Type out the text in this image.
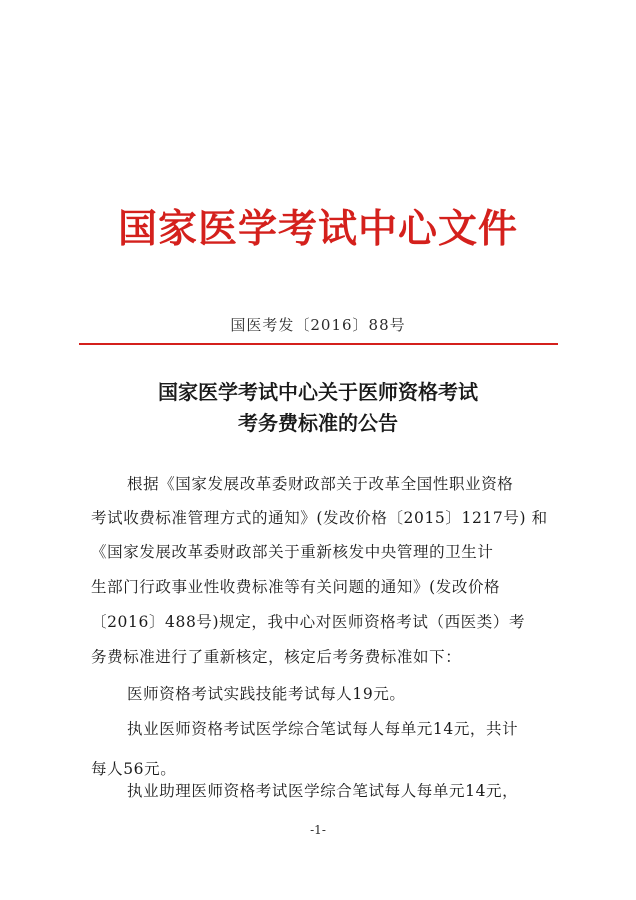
国家医学考试中心文件
国医考发〔2016〕88号
国家医学考试中心关于医师资格考试
考务费标准的公告
根据《国家发展改革委财政部关于改革全国性职业资格
考试收费标准管理方式的通知》(发改价格〔2015〕1217号) 和
《国家发展改革委财政部关于重新核发中央管理的卫生计
生部门行政事业性收费标准等有关问题的通知》(发改价格
〔2016〕488号)规定，我中心对医师资格考试（西医类）考
务费标准进行了重新核定，核定后考务费标准如下：
医师资格考试实践技能考试每人19元。
执业医师资格考试医学综合笔试每人每单元14元，共计
每人56元。
-1-
执业助理医师资格考试医学综合笔试每人每单元14元，
